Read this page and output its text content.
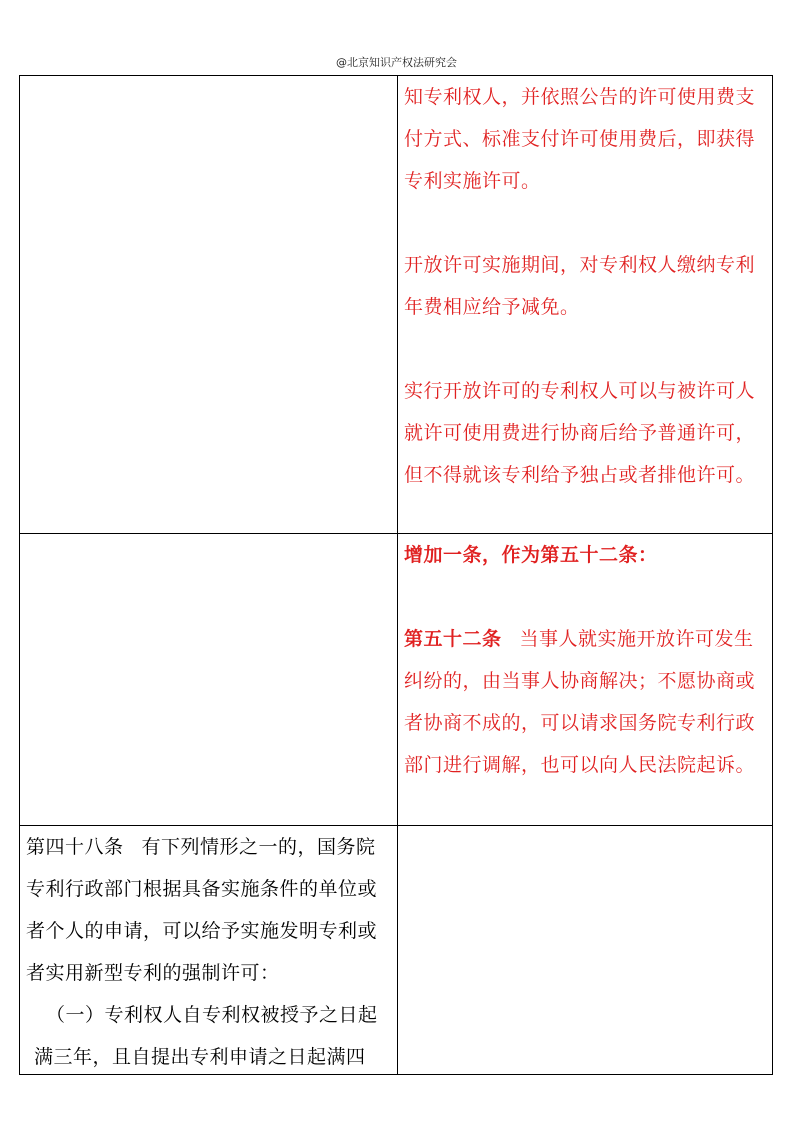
@北京知识产权法研究会

知专利权人，并依照公告的许可使用费支付方式、标准支付许可使用费后，即获得专利实施许可。

开放许可实施期间，对专利权人缴纳专利年费相应给予减免。

实行开放许可的专利权人可以与被许可人就许可使用费进行协商后给予普通许可，但不得就该专利给予独占或者排他许可。

增加一条，作为第五十二条：

第五十二条 当事人就实施开放许可发生纠纷的，由当事人协商解决；不愿协商或者协商不成的，可以请求国务院专利行政部门进行调解，也可以向人民法院起诉。

第四十八条 有下列情形之一的，国务院专利行政部门根据具备实施条件的单位或者个人的申请，可以给予实施发明专利或者实用新型专利的强制许可：

（一）专利权人自专利权被授予之日起

满三年，且自提出专利申请之日起满四
